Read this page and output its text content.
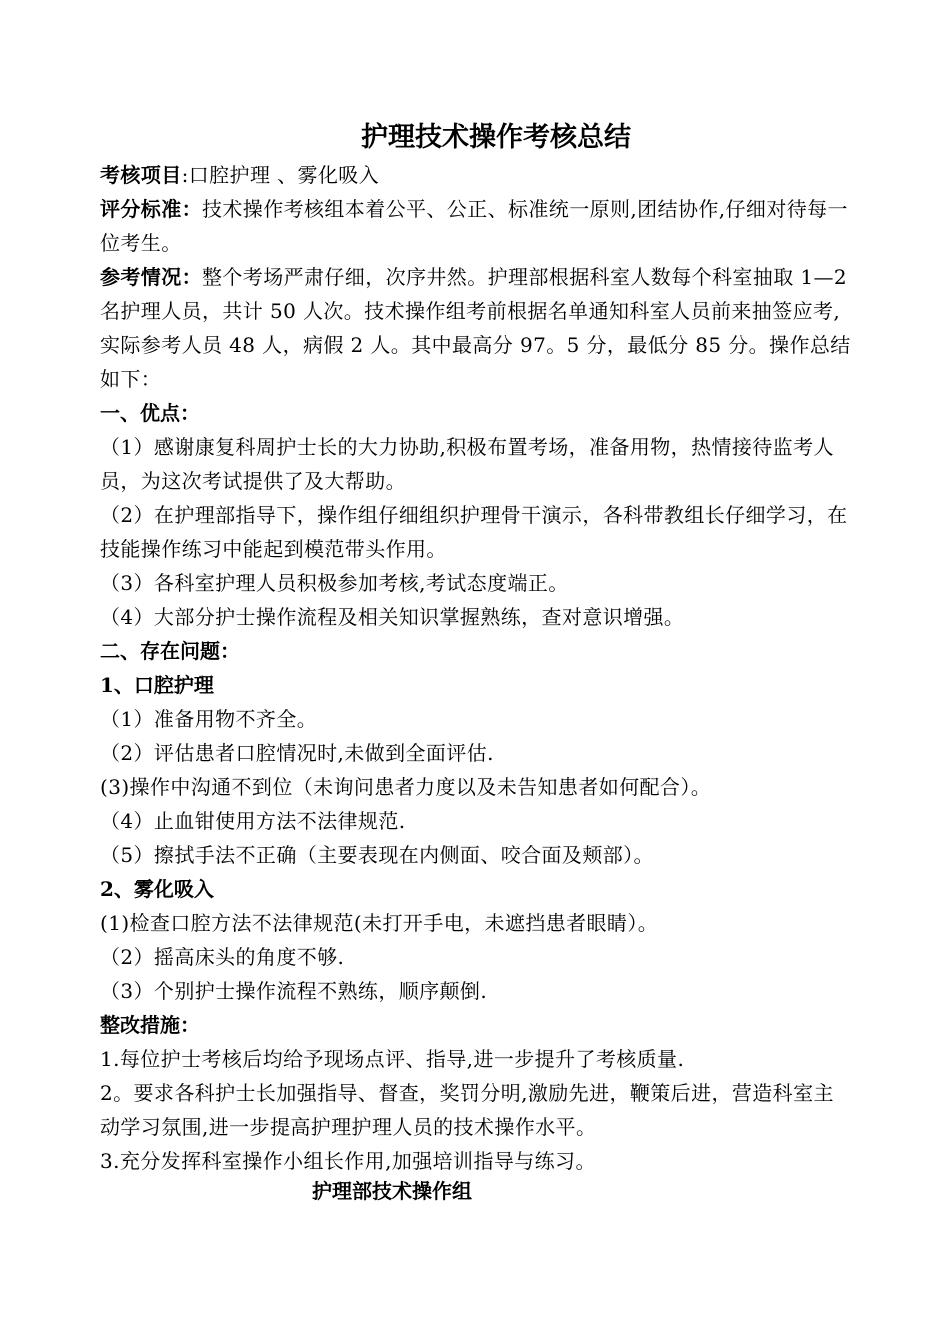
护理技术操作考核总结

考核项目:口腔护理 、雾化吸入

评分标准：技术操作考核组本着公平、公正、标准统一原则,团结协作,仔细对待每一位考生。

参考情况：整个考场严肃仔细，次序井然。护理部根据科室人数每个科室抽取 1—2 名护理人员，共计 50 人次。技术操作组考前根据名单通知科室人员前来抽签应考,实际参考人员 48 人，病假 2 人。其中最高分 97。5 分，最低分 85 分。操作总结如下：

一、优点：

（1）感谢康复科周护士长的大力协助,积极布置考场，准备用物，热情接待监考人员，为这次考试提供了及大帮助。

（2）在护理部指导下，操作组仔细组织护理骨干演示，各科带教组长仔细学习，在技能操作练习中能起到模范带头作用。

（3）各科室护理人员积极参加考核,考试态度端正。

（4）大部分护士操作流程及相关知识掌握熟练，查对意识增强。

二、存在问题：

1、口腔护理

（1）准备用物不齐全。

（2）评估患者口腔情况时,未做到全面评估.

(3)操作中沟通不到位（未询问患者力度以及未告知患者如何配合）。

（4）止血钳使用方法不法律规范.

（5）擦拭手法不正确（主要表现在内侧面、咬合面及颊部）。

2、雾化吸入

(1)检查口腔方法不法律规范(未打开手电，未遮挡患者眼睛）。

（2）摇高床头的角度不够.

（3）个别护士操作流程不熟练，顺序颠倒.

整改措施：

1.每位护士考核后均给予现场点评、指导,进一步提升了考核质量.

2。要求各科护士长加强指导、督查，奖罚分明,激励先进，鞭策后进，营造科室主动学习氛围,进一步提高护理护理人员的技术操作水平。

3.充分发挥科室操作小组长作用,加强培训指导与练习。

护理部技术操作组
